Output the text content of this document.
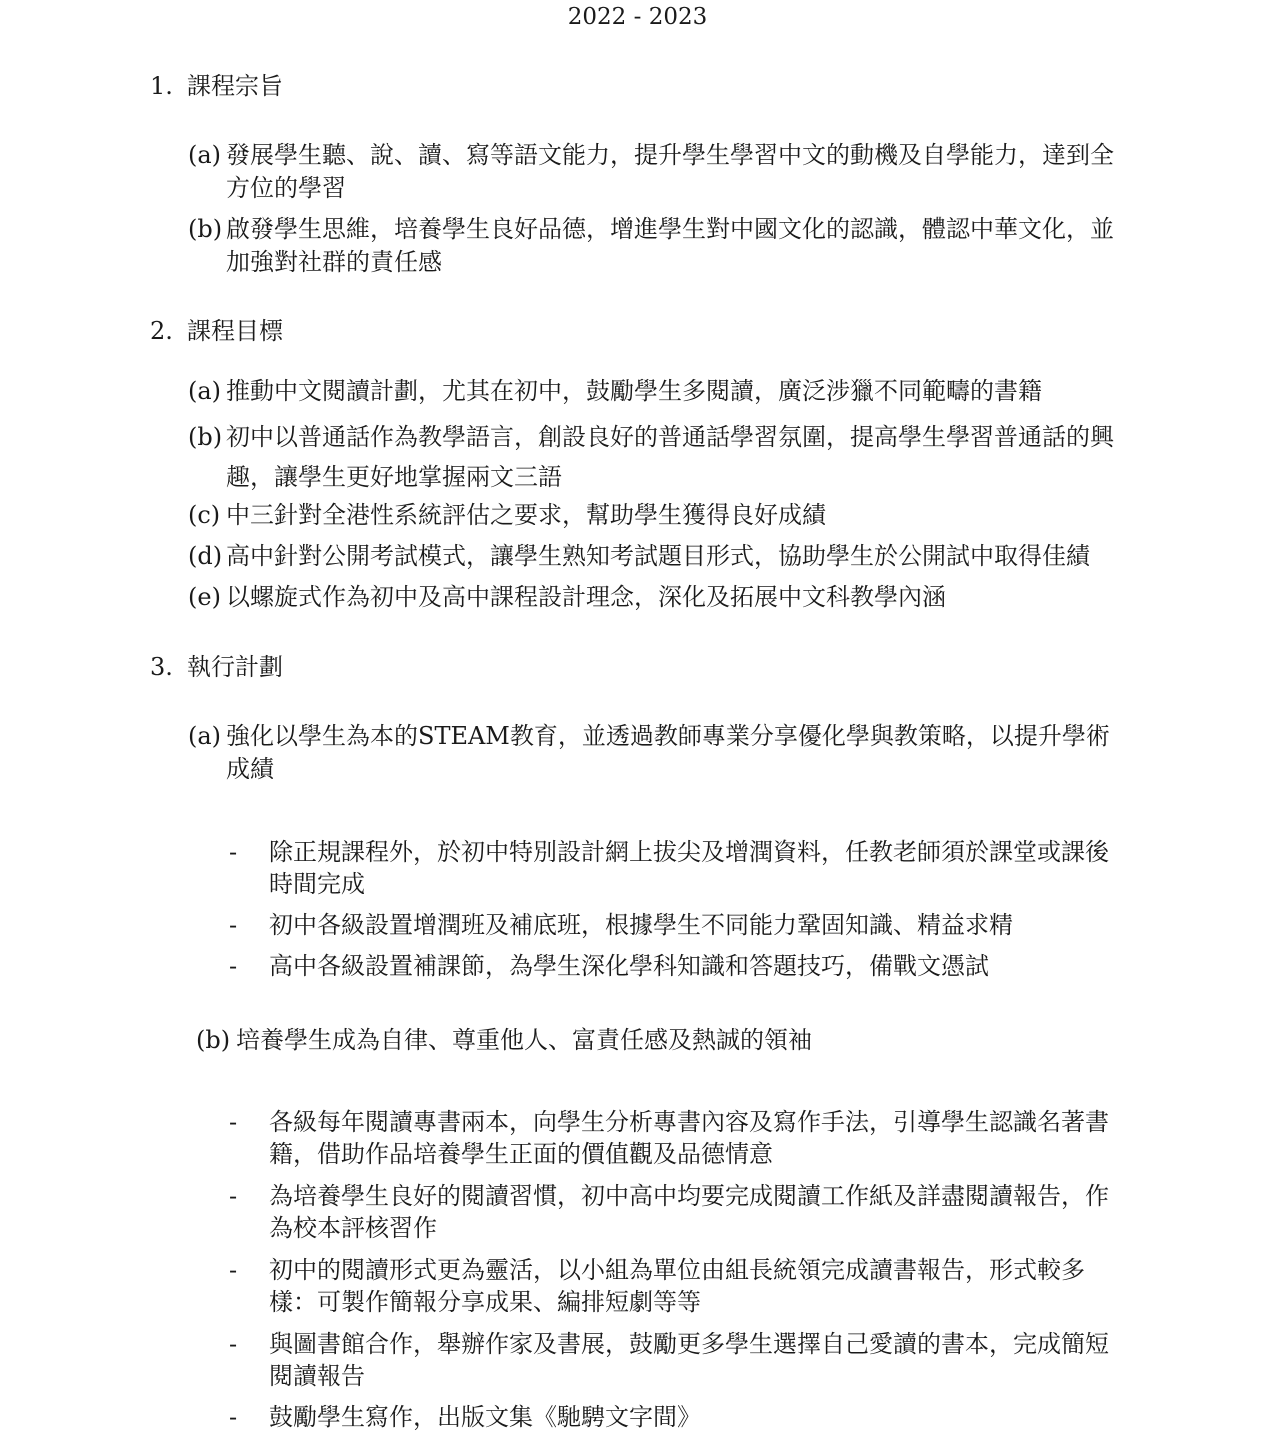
2022 - 2023
1. 課程宗旨
(a) 發展學生聽、說、讀、寫等語文能力，提升學生學習中文的動機及自學能力，達到全方位的學習
(b) 啟發學生思維，培養學生良好品德，增進學生對中國文化的認識，體認中華文化，並加強對社群的責任感
2. 課程目標
(a) 推動中文閱讀計劃，尤其在初中，鼓勵學生多閱讀，廣泛涉獵不同範疇的書籍
(b) 初中以普通話作為教學語言，創設良好的普通話學習氛圍，提高學生學習普通話的興趣，讓學生更好地掌握兩文三語
(c) 中三針對全港性系統評估之要求，幫助學生獲得良好成績
(d) 高中針對公開考試模式，讓學生熟知考試題目形式，協助學生於公開試中取得佳績
(e) 以螺旋式作為初中及高中課程設計理念，深化及拓展中文科教學內涵
3. 執行計劃
(a) 強化以學生為本的STEAM教育，並透過教師專業分享優化學與教策略，以提升學術成績
- 除正規課程外，於初中特別設計網上拔尖及增潤資料，任教老師須於課堂或課後時間完成
- 初中各級設置增潤班及補底班，根據學生不同能力鞏固知識、精益求精
- 高中各級設置補課節，為學生深化學科知識和答題技巧，備戰文憑試
(b) 培養學生成為自律、尊重他人、富責任感及熱誠的領袖
- 各級每年閱讀專書兩本，向學生分析專書內容及寫作手法，引導學生認識名著書籍，借助作品培養學生正面的價值觀及品德情意
- 為培養學生良好的閱讀習慣，初中高中均要完成閱讀工作紙及詳盡閱讀報告，作為校本評核習作
- 初中的閱讀形式更為靈活，以小組為單位由組長統領完成讀書報告，形式較多樣：可製作簡報分享成果、編排短劇等等
- 與圖書館合作，舉辦作家及書展，鼓勵更多學生選擇自己愛讀的書本，完成簡短閱讀報告
- 鼓勵學生寫作，出版文集《馳騁文字間》
